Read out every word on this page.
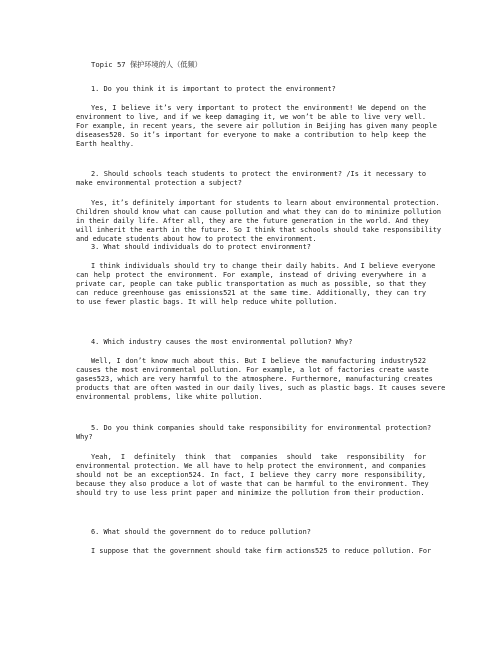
Topic 57 保护环境的人（低频）
1. Do you think it is important to protect the environment?
Yes, I believe it’s very important to protect the environment! We depend on the
environment to live, and if we keep damaging it, we won’t be able to live very well.
For example, in recent years, the severe air pollution in Beijing has given many people
diseases520. So it’s important for everyone to make a contribution to help keep the
Earth healthy.
2. Should schools teach students to protect the environment? /Is it necessary to
make environmental protection a subject?
Yes, it’s definitely important for students to learn about environmental protection.
Children should know what can cause pollution and what they can do to minimize pollution
in their daily life. After all, they are the future generation in the world. And they
will inherit the earth in the future. So I think that schools should take responsibility
and educate students about how to protect the environment.
3. What should individuals do to protect environment?
I think individuals should try to change their daily habits. And I believe everyone
can help protect the environment. For example, instead of driving everywhere in a
private car, people can take public transportation as much as possible, so that they
can reduce greenhouse gas emissions521 at the same time. Additionally, they can try
to use fewer plastic bags. It will help reduce white pollution.
4. Which industry causes the most environmental pollution? Why?
Well, I don’t know much about this. But I believe the manufacturing industry522
causes the most environmental pollution. For example, a lot of factories create waste
gases523, which are very harmful to the atmosphere. Furthermore, manufacturing creates
products that are often wasted in our daily lives, such as plastic bags. It causes severe
environmental problems, like white pollution.
5. Do you think companies should take responsibility for environmental protection?
Why?
Yeah, I definitely think that companies should take responsibility for
environmental protection. We all have to help protect the environment, and companies
should not be an exception524. In fact, I believe they carry more responsibility,
because they also produce a lot of waste that can be harmful to the environment. They
should try to use less print paper and minimize the pollution from their production.
6. What should the government do to reduce pollution?
I suppose that the government should take firm actions525 to reduce pollution. For
